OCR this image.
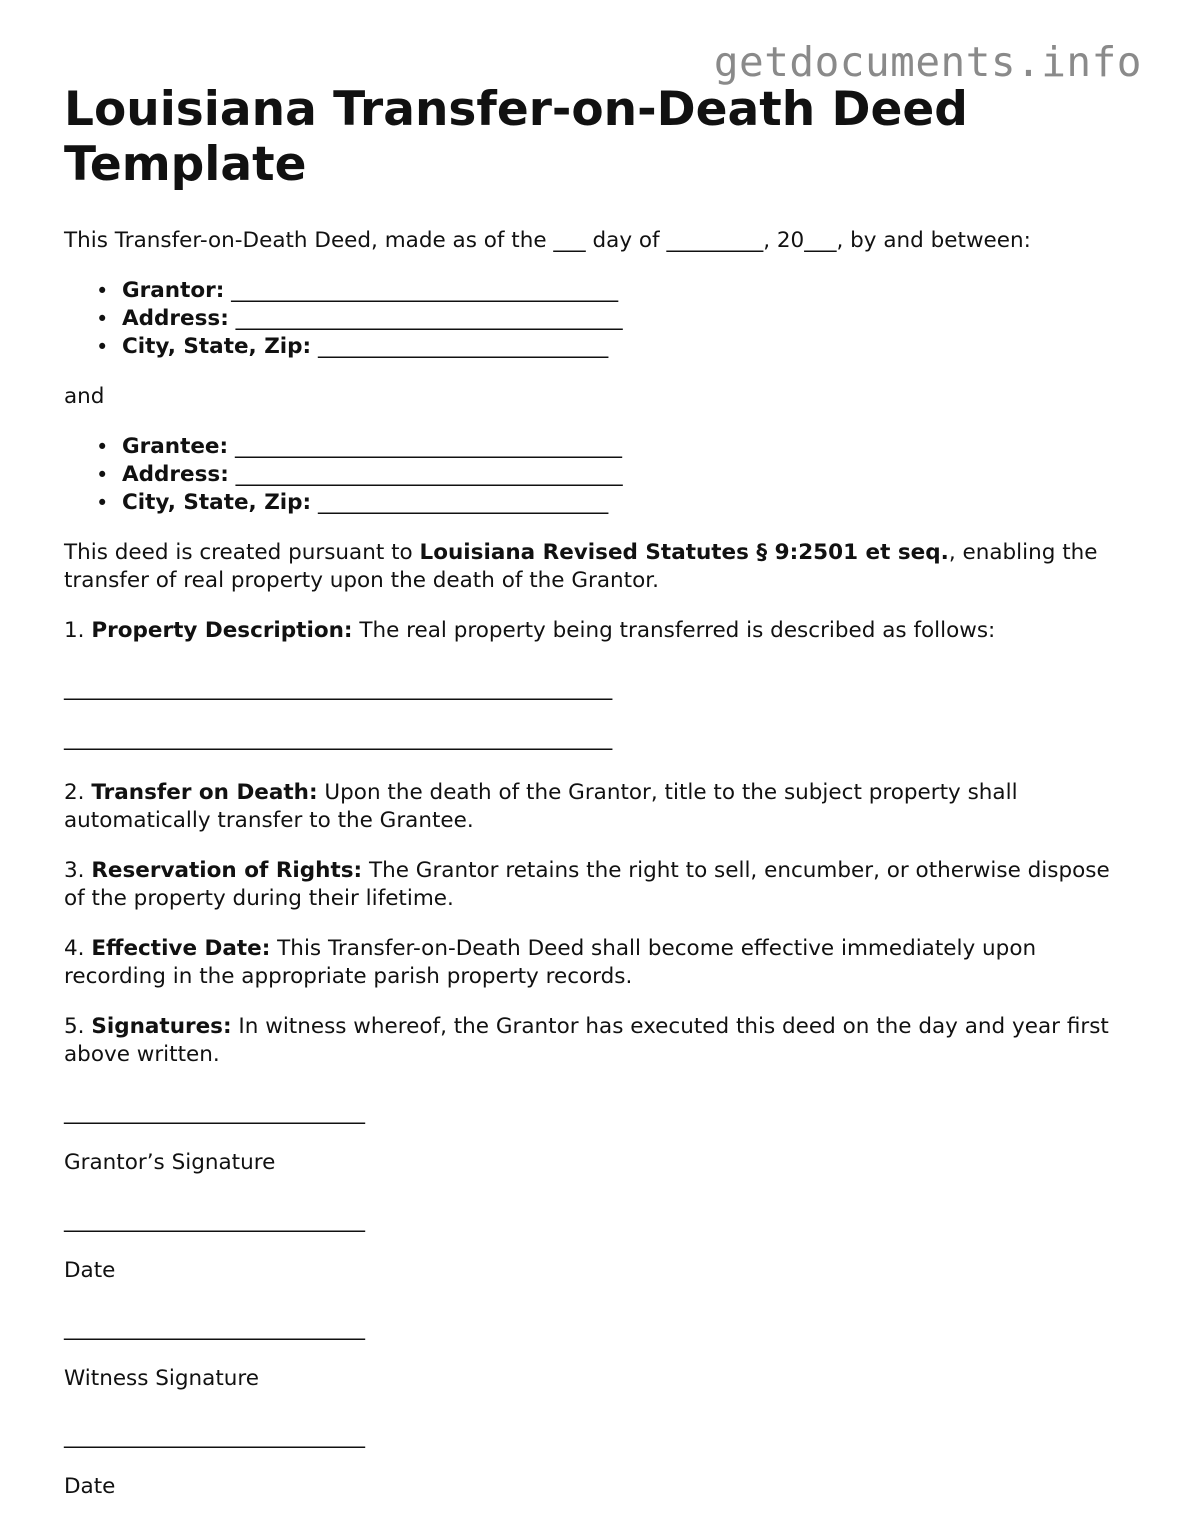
getdocuments.info
Louisiana Transfer-on-Death Deed Template

This Transfer-on-Death Deed, made as of the ___ day of _________, 20___, by and between:

• Grantor: ____________________________________
• Address: ____________________________________
• City, State, Zip: ___________________________

and

• Grantee: ____________________________________
• Address: ____________________________________
• City, State, Zip: ___________________________

This deed is created pursuant to Louisiana Revised Statutes § 9:2501 et seq., enabling the transfer of real property upon the death of the Grantor.

1. Property Description: The real property being transferred is described as follows:

___________________________________________________
___________________________________________________

2. Transfer on Death: Upon the death of the Grantor, title to the subject property shall automatically transfer to the Grantee.

3. Reservation of Rights: The Grantor retains the right to sell, encumber, or otherwise dispose of the property during their lifetime.

4. Effective Date: This Transfer-on-Death Deed shall become effective immediately upon recording in the appropriate parish property records.

5. Signatures: In witness whereof, the Grantor has executed this deed on the day and year first above written.

____________________________
Grantor’s Signature
____________________________
Date
____________________________
Witness Signature
____________________________
Date
